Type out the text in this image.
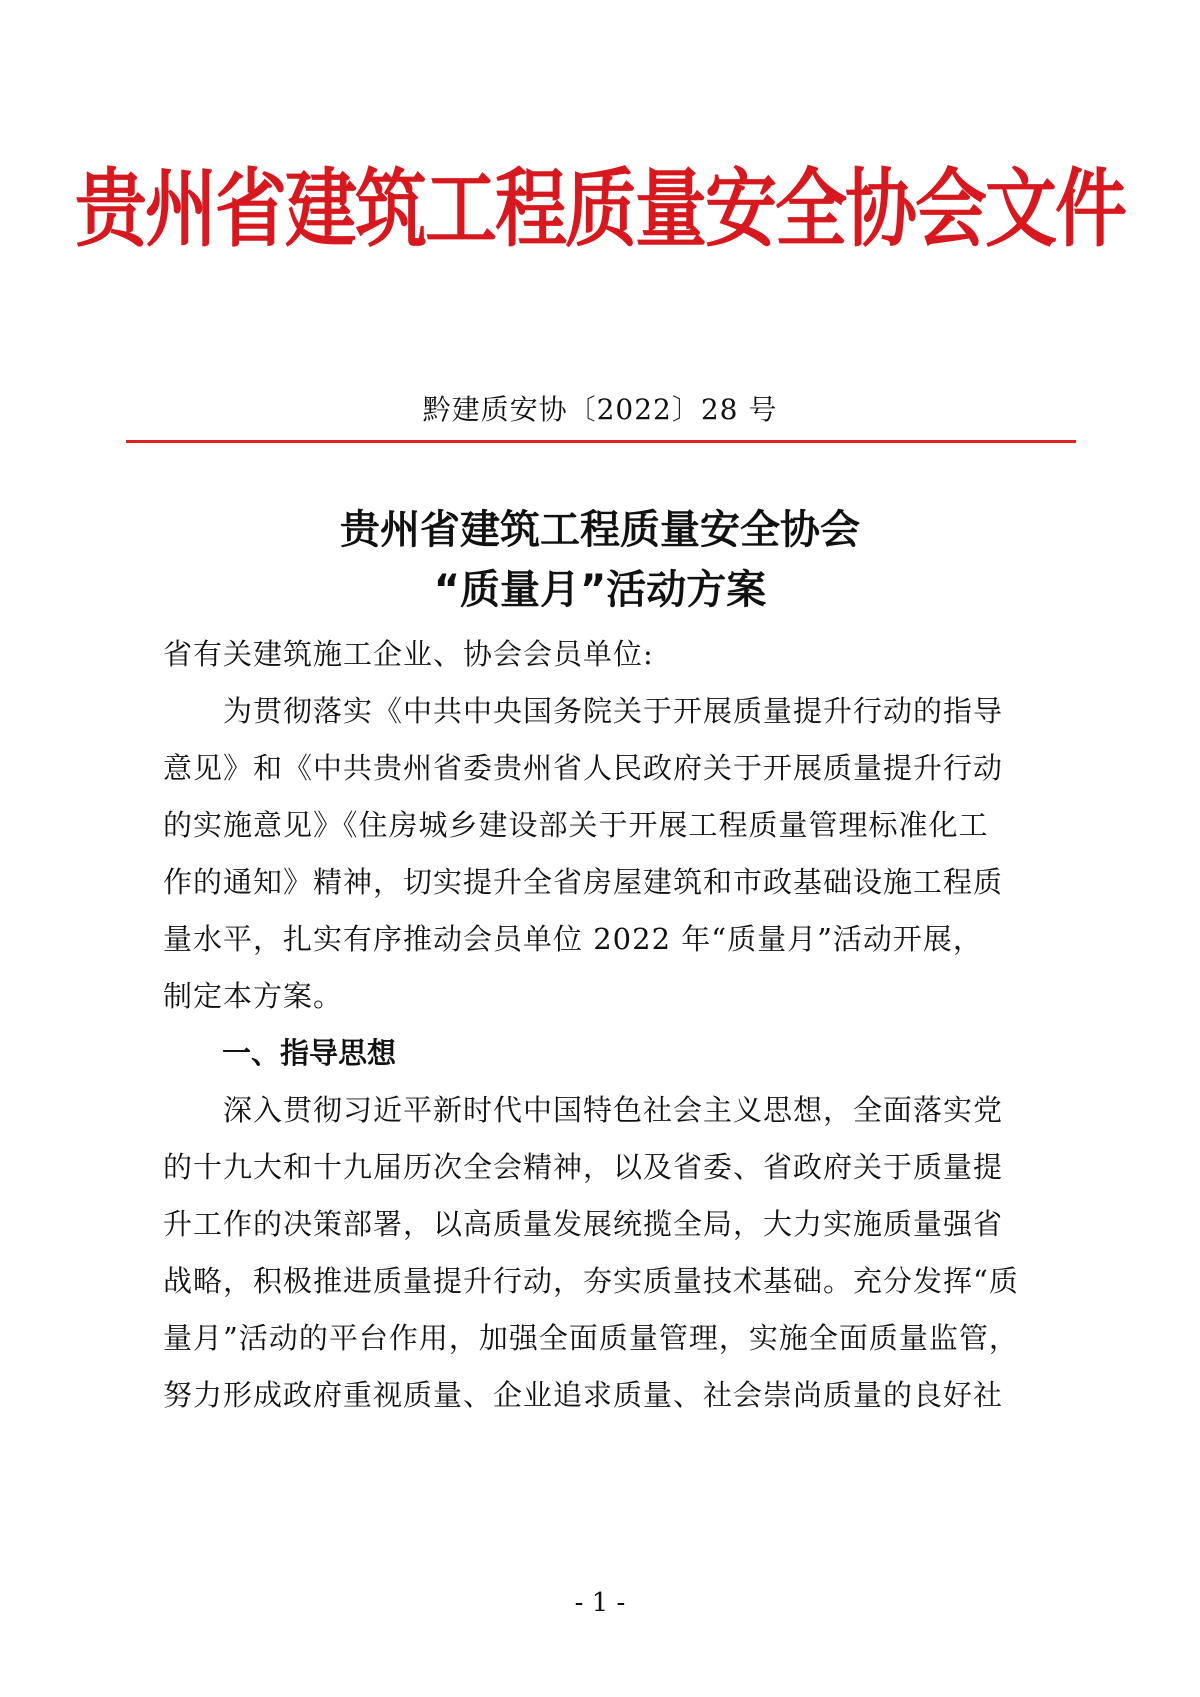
贵州省建筑工程质量安全协会文件
黔建质安协〔2022〕28 号
贵州省建筑工程质量安全协会
“质量月”活动方案
省有关建筑施工企业、协会会员单位:
　　为贯彻落实《中共中央国务院关于开展质量提升行动的指导
意见》和《中共贵州省委贵州省人民政府关于开展质量提升行动
的实施意见》《住房城乡建设部关于开展工程质量管理标准化工
作的通知》精神，切实提升全省房屋建筑和市政基础设施工程质
量水平，扎实有序推动会员单位 2022 年“质量月”活动开展，
制定本方案。
一、指导思想
　　深入贯彻习近平新时代中国特色社会主义思想，全面落实党
的十九大和十九届历次全会精神，以及省委、省政府关于质量提
升工作的决策部署，以高质量发展统揽全局，大力实施质量强省
战略，积极推进质量提升行动，夯实质量技术基础。充分发挥“质
量月”活动的平台作用，加强全面质量管理，实施全面质量监管，
努力形成政府重视质量、企业追求质量、社会崇尚质量的良好社
- 1 -
